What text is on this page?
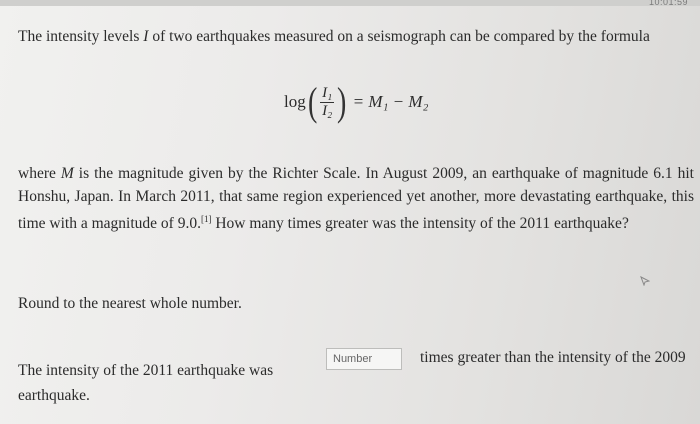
10:01:59
The intensity levels I of two earthquakes measured on a seismograph can be compared by the formula
log ( $\frac{\text{I₁}}{\text{I₂}}$ ) = M₁ − M₂
where M is the magnitude given by the Richter Scale. In August 2009, an earthquake of magnitude 6.1 hit Honshu, Japan. In March 2011, that same region experienced yet another, more devastating earthquake, this time with a magnitude of 9.0.[1] How many times greater was the intensity of the 2011 earthquake?
Round to the nearest whole number.
The intensity of the 2011 earthquake was
Number
times greater than the intensity of the 2009
earthquake.
